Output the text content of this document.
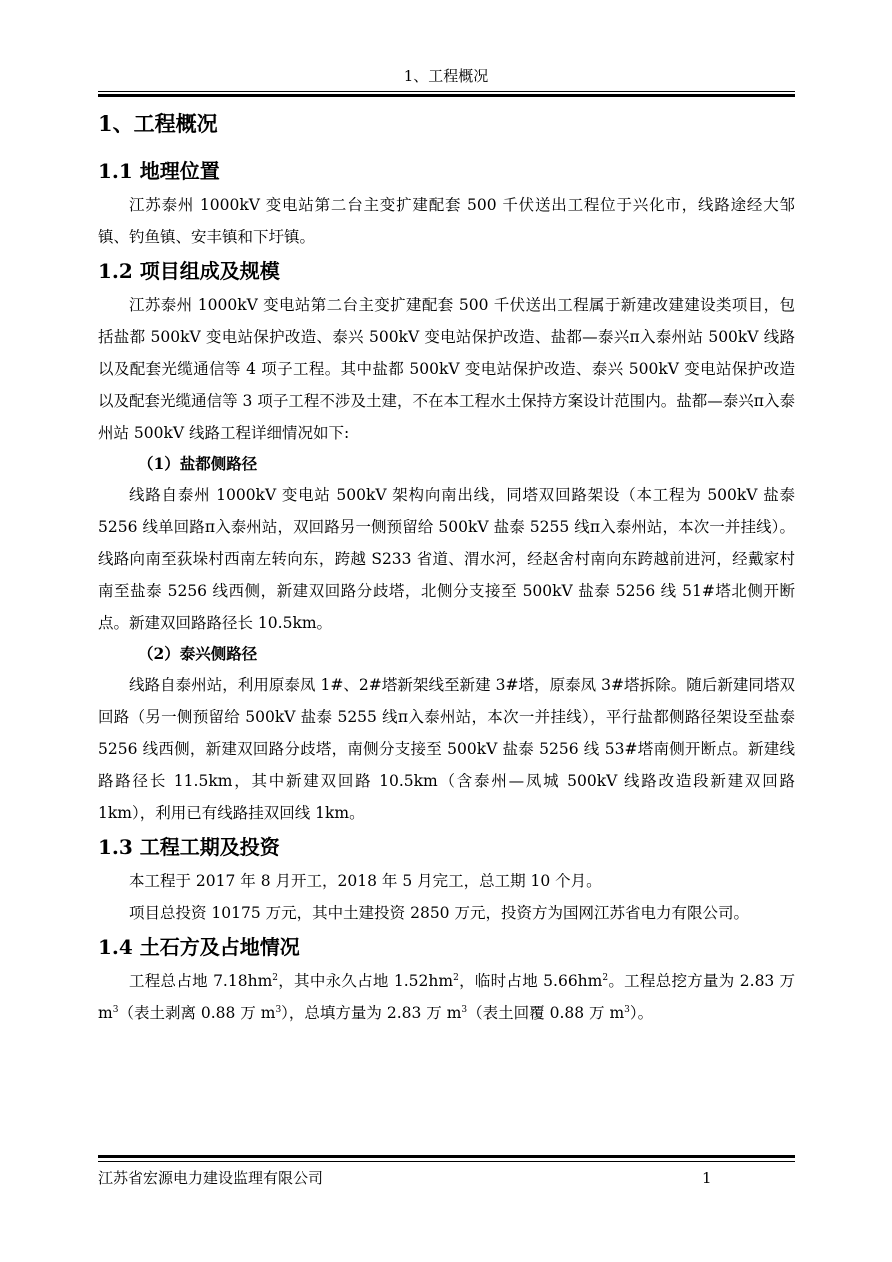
1、工程概况
1、工程概况
1.1 地理位置

江苏泰州 1000kV 变电站第二台主变扩建配套 500 千伏送出工程位于兴化市，线路途经大邹镇、钓鱼镇、安丰镇和下圩镇。

1.2 项目组成及规模

江苏泰州 1000kV 变电站第二台主变扩建配套 500 千伏送出工程属于新建改建建设类项目，包括盐都 500kV 变电站保护改造、泰兴 500kV 变电站保护改造、盐都—泰兴π入泰州站 500kV 线路以及配套光缆通信等 4 项子工程。其中盐都 500kV 变电站保护改造、泰兴 500kV 变电站保护改造以及配套光缆通信等 3 项子工程不涉及土建，不在本工程水土保持方案设计范围内。盐都—泰兴π入泰州站 500kV 线路工程详细情况如下:

（1）盐都侧路径

线路自泰州 1000kV 变电站 500kV 架构向南出线，同塔双回路架设（本工程为 500kV 盐泰 5256 线单回路π入泰州站，双回路另一侧预留给 500kV 盐泰 5255 线π入泰州站，本次一并挂线）。线路向南至荻垛村西南左转向东，跨越 S233 省道、渭水河，经赵舍村南向东跨越前进河，经戴家村南至盐泰 5256 线西侧，新建双回路分歧塔，北侧分支接至 500kV 盐泰 5256 线 51#塔北侧开断点。新建双回路路径长 10.5km。

（2）泰兴侧路径

线路自泰州站，利用原泰凤 1#、2#塔新架线至新建 3#塔，原泰凤 3#塔拆除。随后新建同塔双回路（另一侧预留给 500kV 盐泰 5255 线π入泰州站，本次一并挂线），平行盐都侧路径架设至盐泰 5256 线西侧，新建双回路分歧塔，南侧分支接至 500kV 盐泰 5256 线 53#塔南侧开断点。新建线路路径长 11.5km，其中新建双回路 10.5km（含泰州—凤城 500kV 线路改造段新建双回路 1km），利用已有线路挂双回线 1km。

1.3 工程工期及投资

本工程于 2017 年 8 月开工，2018 年 5 月完工，总工期 10 个月。

项目总投资 10175 万元，其中土建投资 2850 万元，投资方为国网江苏省电力有限公司。

1.4 土石方及占地情况

工程总占地 $7.18hm^2$，其中永久占地 $1.52hm^2$，临时占地 $5.66hm^2$。工程总挖方量为 2.83 万 $m^3$（表土剥离 0.88 万 $m^3$），总填方量为 2.83 万 $m^3$（表土回覆 0.88 万 $m^3$）。

江苏省宏源电力建设监理有限公司	1
